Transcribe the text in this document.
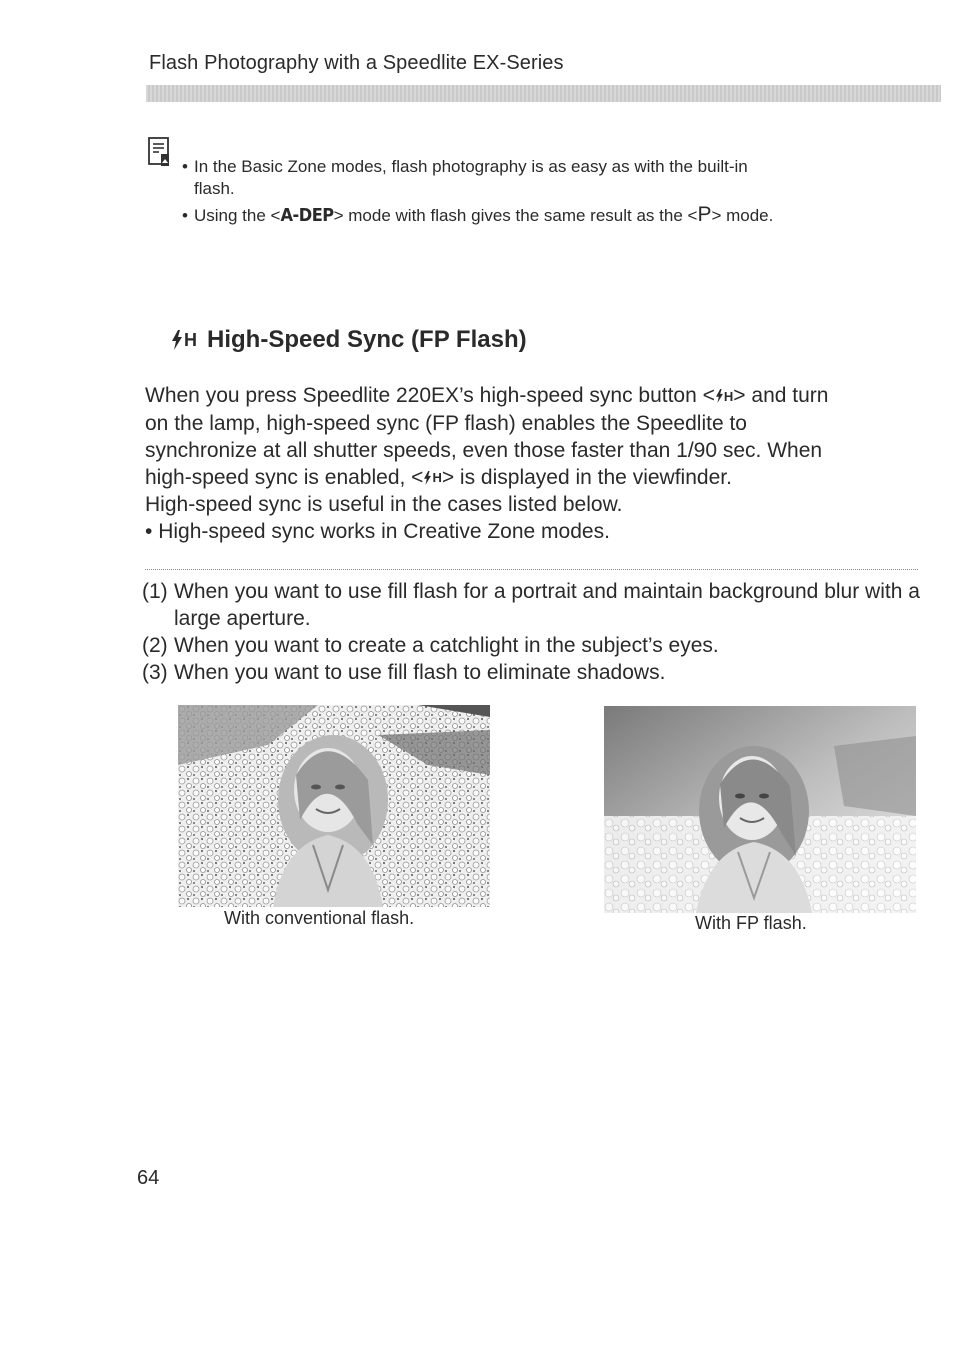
Flash Photography with a Speedlite EX-Series
• In the Basic Zone modes, flash photography is as easy as with the built-in
flash.
• Using the <A-DEP> mode with flash gives the same result as the <P> mode.
H High-Speed Sync (FP Flash)

When you press Speedlite 220EX’s high-speed sync button < H > and turn

on the lamp, high-speed sync (FP flash) enables the Speedlite to

synchronize at all shutter speeds, even those faster than 1/90 sec. When

high-speed sync is enabled, < H > is displayed in the viewfinder.

High-speed sync is useful in the cases listed below.

• High-speed sync works in Creative Zone modes.

(1) When you want to use fill flash for a portrait and maintain background blur with a large aperture.
(2) When you want to create a catchlight in the subject’s eyes.
(3) When you want to use fill flash to eliminate shadows.
With conventional flash.	With FP flash.
64
